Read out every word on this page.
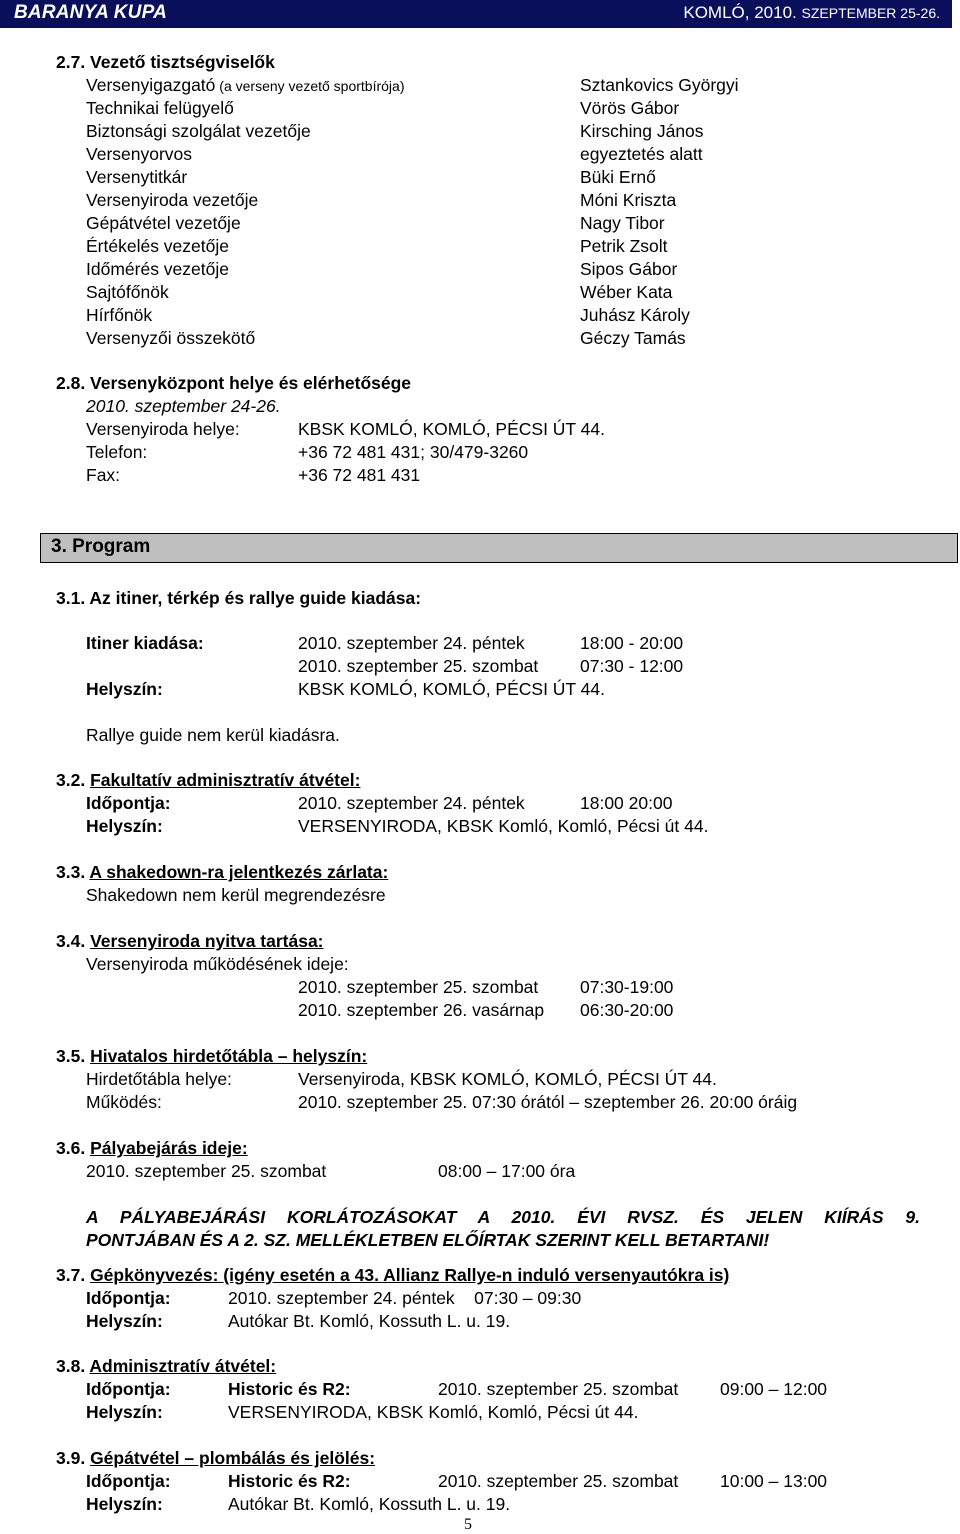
BARANYA KUPA	KOMLÓ, 2010. SZEPTEMBER 25-26.
2.7. Vezető tisztségviselők
Versenyigazgató (a verseny vezető sportbírója)	Sztankovics Györgyi
Technikai felügyelő	Vörös Gábor
Biztonsági szolgálat vezetője	Kirsching János
Versenyorvos	egyeztetés alatt
Versenytitkár	Büki Ernő
Versenyiroda vezetője	Móni Kriszta
Gépátvétel vezetője	Nagy Tibor
Értékelés vezetője	Petrik Zsolt
Időmérés vezetője	Sipos Gábor
Sajtófőnök	Wéber Kata
Hírfőnök	Juhász Károly
Versenyzői összekötő	Géczy Tamás
2.8. Versenyközpont helye és elérhetősége
2010. szeptember 24-26.
Versenyiroda helye:	KBSK KOMLÓ, KOMLÓ, PÉCSI ÚT 44.
Telefon:	+36 72 481 431; 30/479-3260
Fax:	+36 72 481 431
3. Program
3.1. Az itiner, térkép és rallye guide kiadása:
Itiner kiadása:	2010. szeptember 24. péntek	18:00 - 20:00
2010. szeptember 25. szombat 07:30 - 12:00
Helyszín:	KBSK KOMLÓ, KOMLÓ, PÉCSI ÚT 44.
Rallye guide nem kerül kiadásra.
3.2. Fakultatív adminisztratív átvétel:
Időpontja:	2010. szeptember 24. péntek	18:00 20:00
Helyszín:	VERSENYIRODA, KBSK Komló, Komló, Pécsi út 44.
3.3. A shakedown-ra jelentkezés zárlata:
Shakedown nem kerül megrendezésre
3.4. Versenyiroda nyitva tartása:
Versenyiroda működésének ideje:
2010. szeptember 25. szombat 07:30-19:00
2010. szeptember 26. vasárnap 06:30-20:00
3.5. Hivatalos hirdetőtábla – helyszín:
Hirdetőtábla helye:	Versenyiroda, KBSK KOMLÓ, KOMLÓ, PÉCSI ÚT 44.
Működés:	2010. szeptember 25. 07:30 órától – szeptember 26. 20:00 óráig
3.6. Pályabejárás ideje:
2010. szeptember 25. szombat	08:00 – 17:00 óra
A PÁLYABEJÁRÁSI KORLÁTOZÁSOKAT A 2010. ÉVI RVSZ. ÉS JELEN KIÍRÁS 9.
PONTJÁBAN ÉS A 2. SZ. MELLÉKLETBEN ELŐÍRTAK SZERINT KELL BETARTANI!
3.7. Gépkönyvezés: (igény esetén a 43. Allianz Rallye-n induló versenyautókra is)
Időpontja:	2010. szeptember 24. péntek    07:30 – 09:30
Helyszín:	Autókar Bt. Komló, Kossuth L. u. 19.
3.8. Adminisztratív átvétel:
Időpontja:	Historic és R2:	2010. szeptember 25. szombat 09:00 – 12:00
Helyszín:	VERSENYIRODA, KBSK Komló, Komló, Pécsi út 44.
3.9. Gépátvétel – plombálás és jelölés:
Időpontja:	Historic és R2:	2010. szeptember 25. szombat 10:00 – 13:00
Helyszín:	Autókar Bt. Komló, Kossuth L. u. 19.
5
